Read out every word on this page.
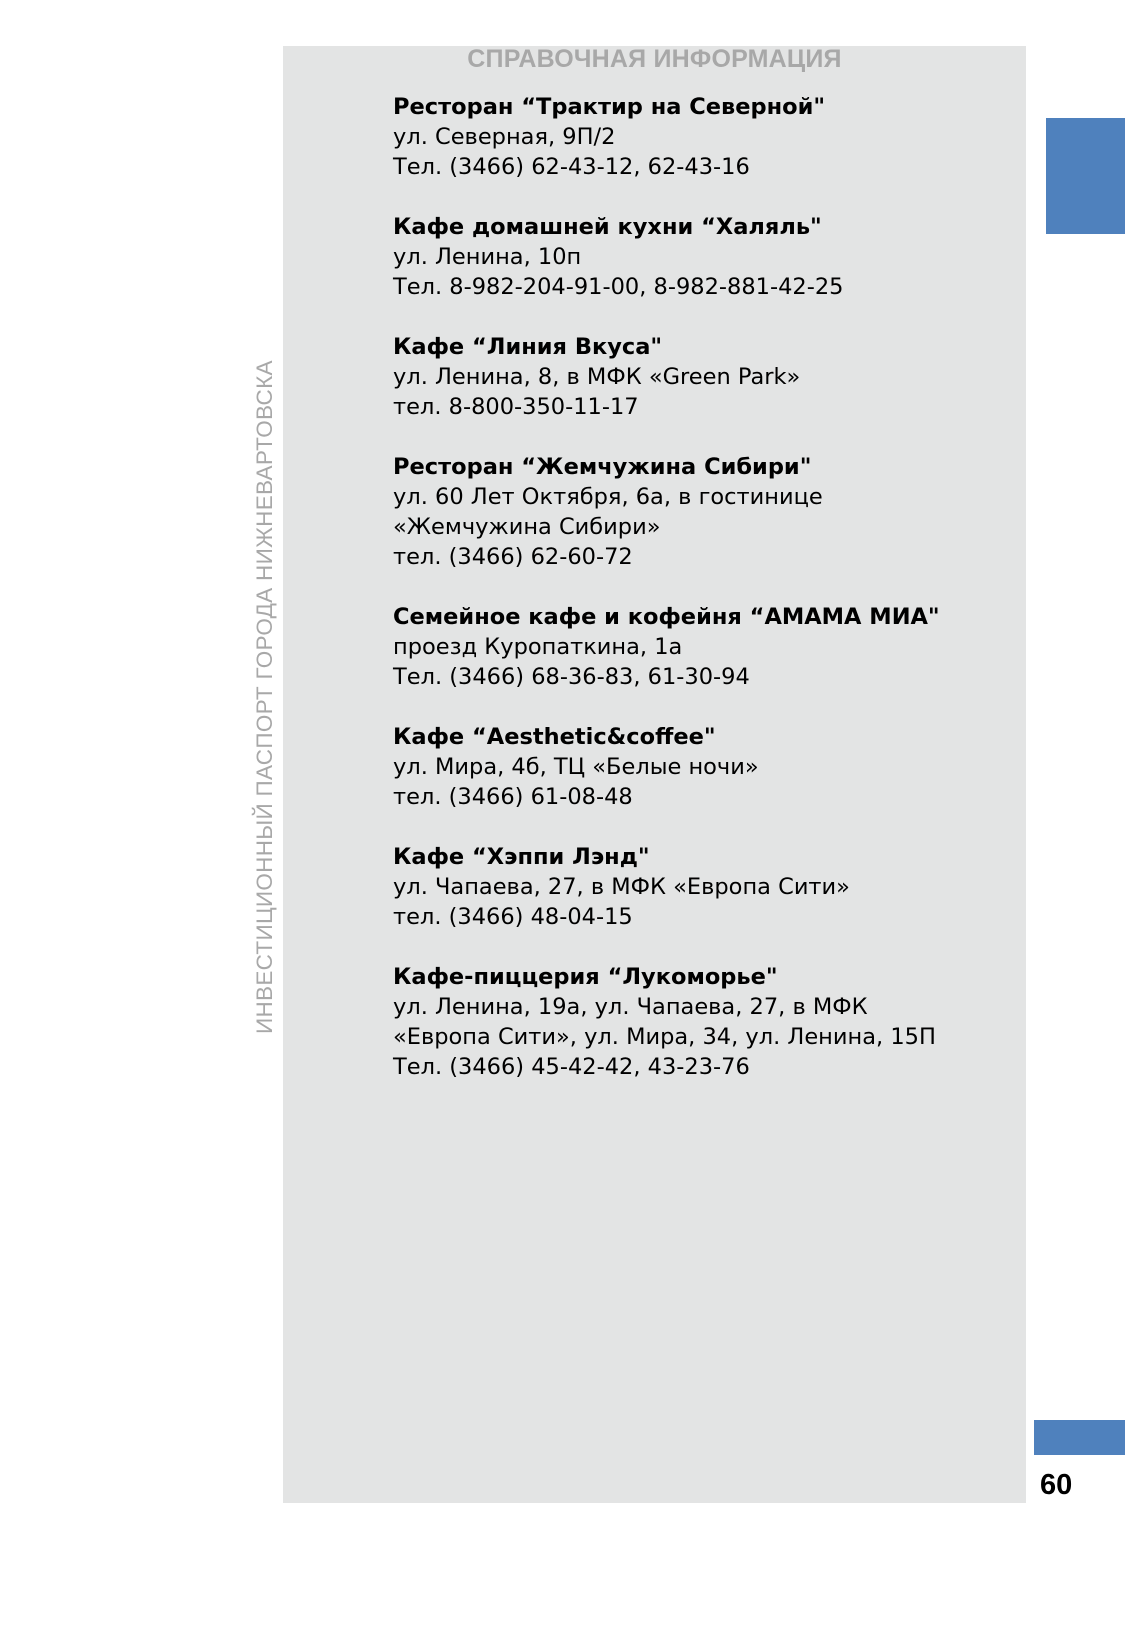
СПРАВОЧНАЯ ИНФОРМАЦИЯ
ИНВЕСТИЦИОННЫЙ ПАСПОРТ ГОРОДА НИЖНЕВАРТОВСКА
Ресторан “Трактир на Северной"
ул. Северная, 9П/2
Тел. (3466) 62-43-12, 62-43-16
Кафе домашней кухни “Халяль"
ул. Ленина, 10п
Тел. 8-982-204-91-00, 8-982-881-42-25
Кафе “Линия Вкуса"
ул. Ленина, 8, в МФК «Green Park»
тел. 8-800-350-11-17
Ресторан “Жемчужина Сибири"
ул. 60 Лет Октября, 6а, в гостинице
«Жемчужина Сибири»
тел. (3466) 62-60-72
Семейное кафе и кофейня “АМАМА МИА"
проезд Куропаткина, 1а
Тел. (3466) 68-36-83, 61-30-94
Кафе “Aesthetic&coffee"
ул. Мира, 4б, ТЦ «Белые ночи»
тел. (3466) 61-08-48
Кафе “Хэппи Лэнд"
ул. Чапаева, 27, в МФК «Европа Сити»
тел. (3466) 48-04-15
Кафе-пиццерия “Лукоморье"
ул. Ленина, 19а, ул. Чапаева, 27, в МФК
«Европа Сити», ул. Мира, 34, ул. Ленина, 15П
Тел. (3466) 45-42-42, 43-23-76
60
